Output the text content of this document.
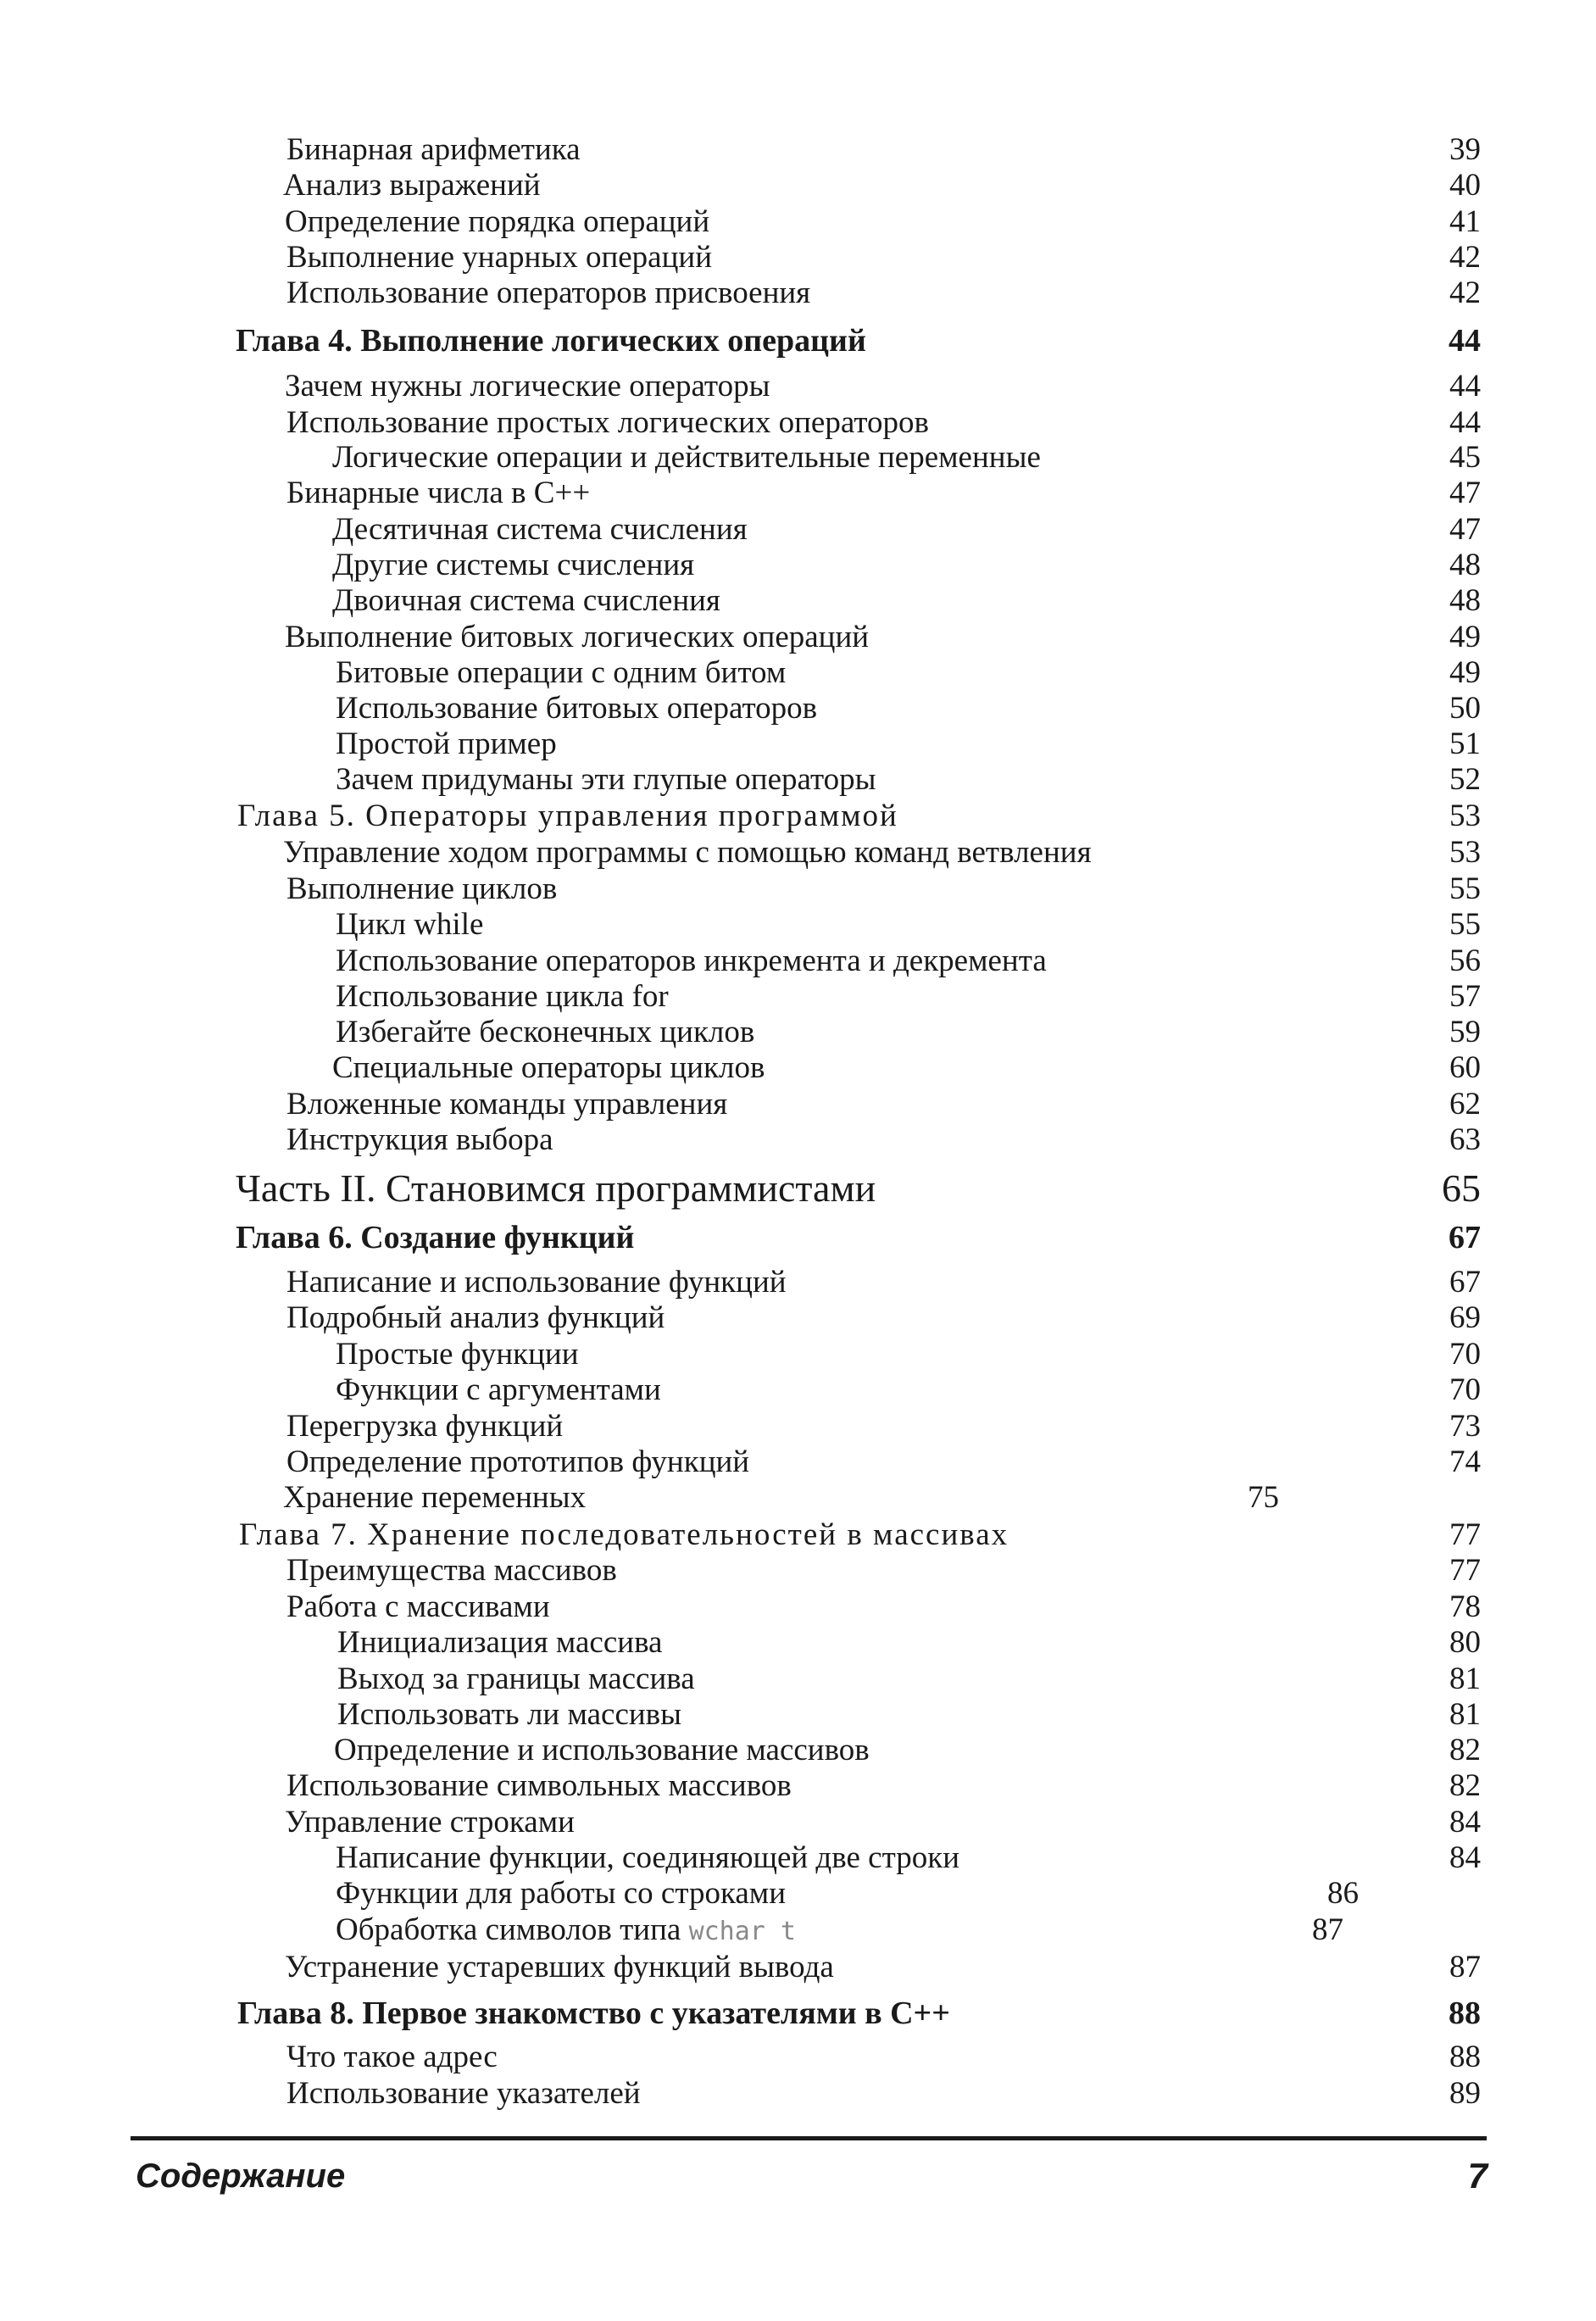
Бинарная арифметика	39
Анализ выражений	40
Определение порядка операций	41
Выполнение унарных операций	42
Использование операторов присвоения	42
Глава 4. Выполнение логических операций	44
Зачем нужны логические операторы	44
Использование простых логических операторов	44
Логические операции и действительные переменные	45
Бинарные числа в С++	47
Десятичная система счисления	47
Другие системы счисления	48
Двоичная система счисления	48
Выполнение битовых логических операций	49
Битовые операции с одним битом	49
Использование битовых операторов	50
Простой пример	51
Зачем придуманы эти глупые операторы	52
Глава 5. Операторы управления программой	53
Управление ходом программы с помощью команд ветвления	53
Выполнение циклов	55
Цикл while	55
Использование операторов инкремента и декремента	56
Использование цикла for	57
Избегайте бесконечных циклов	59
Специальные операторы циклов	60
Вложенные команды управления	62
Инструкция выбора	63
Часть II. Становимся программистами	65
Глава 6. Создание функций	67
Написание и использование функций	67
Подробный анализ функций	69
Простые функции	70
Функции с аргументами	70
Перегрузка функций	73
Определение прототипов функций	74
Хранение переменных	75
Глава 7. Хранение последовательностей в массивах	77
Преимущества массивов	77
Работа с массивами	78
Инициализация массива	80
Выход за границы массива	81
Использовать ли массивы	81
Определение и использование массивов	82
Использование символьных массивов	82
Управление строками	84
Написание функции, соединяющей две строки	84
Функции для работы со строками	86
Обработка символов типа wchar t	87
Устранение устаревших функций вывода	87
Глава 8. Первое знакомство с указателями в С++	88
Что такое адрес	88
Использование указателей	89
Содержание	7
